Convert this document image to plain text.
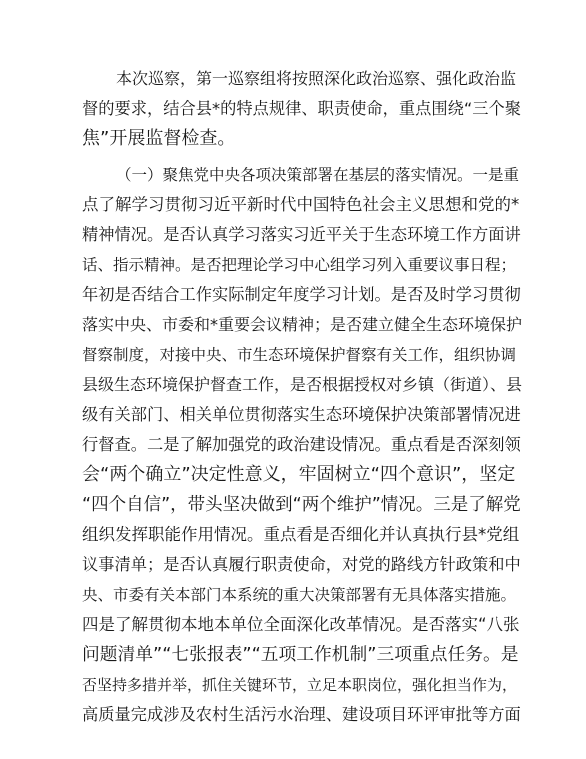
本次巡察，第一巡察组将按照深化政治巡察、强化政治监
督的要求，结合县*的特点规律、职责使命，重点围绕“三个聚
焦”开展监督检查。
（一）聚焦党中央各项决策部署在基层的落实情况。一是重
点了解学习贯彻习近平新时代中国特色社会主义思想和党的*
精神情况。是否认真学习落实习近平关于生态环境工作方面讲
话、指示精神。是否把理论学习中心组学习列入重要议事日程；
年初是否结合工作实际制定年度学习计划。是否及时学习贯彻
落实中央、市委和*重要会议精神；是否建立健全生态环境保护
督察制度，对接中央、市生态环境保护督察有关工作，组织协调
县级生态环境保护督查工作，是否根据授权对乡镇（街道）、县
级有关部门、相关单位贯彻落实生态环境保护决策部署情况进
行督查。二是了解加强党的政治建设情况。重点看是否深刻领
会“两个确立”决定性意义，牢固树立“四个意识”，坚定
“四个自信”，带头坚决做到“两个维护”情况。三是了解党
组织发挥职能作用情况。重点看是否细化并认真执行县*党组
议事清单；是否认真履行职责使命，对党的路线方针政策和中
央、市委有关本部门本系统的重大决策部署有无具体落实措施。
四是了解贯彻本地本单位全面深化改革情况。是否落实“八张
问题清单”“七张报表”“五项工作机制”三项重点任务。是
否坚持多措并举，抓住关键环节，立足本职岗位，强化担当作为，
高质量完成涉及农村生活污水治理、建设项目环评审批等方面
